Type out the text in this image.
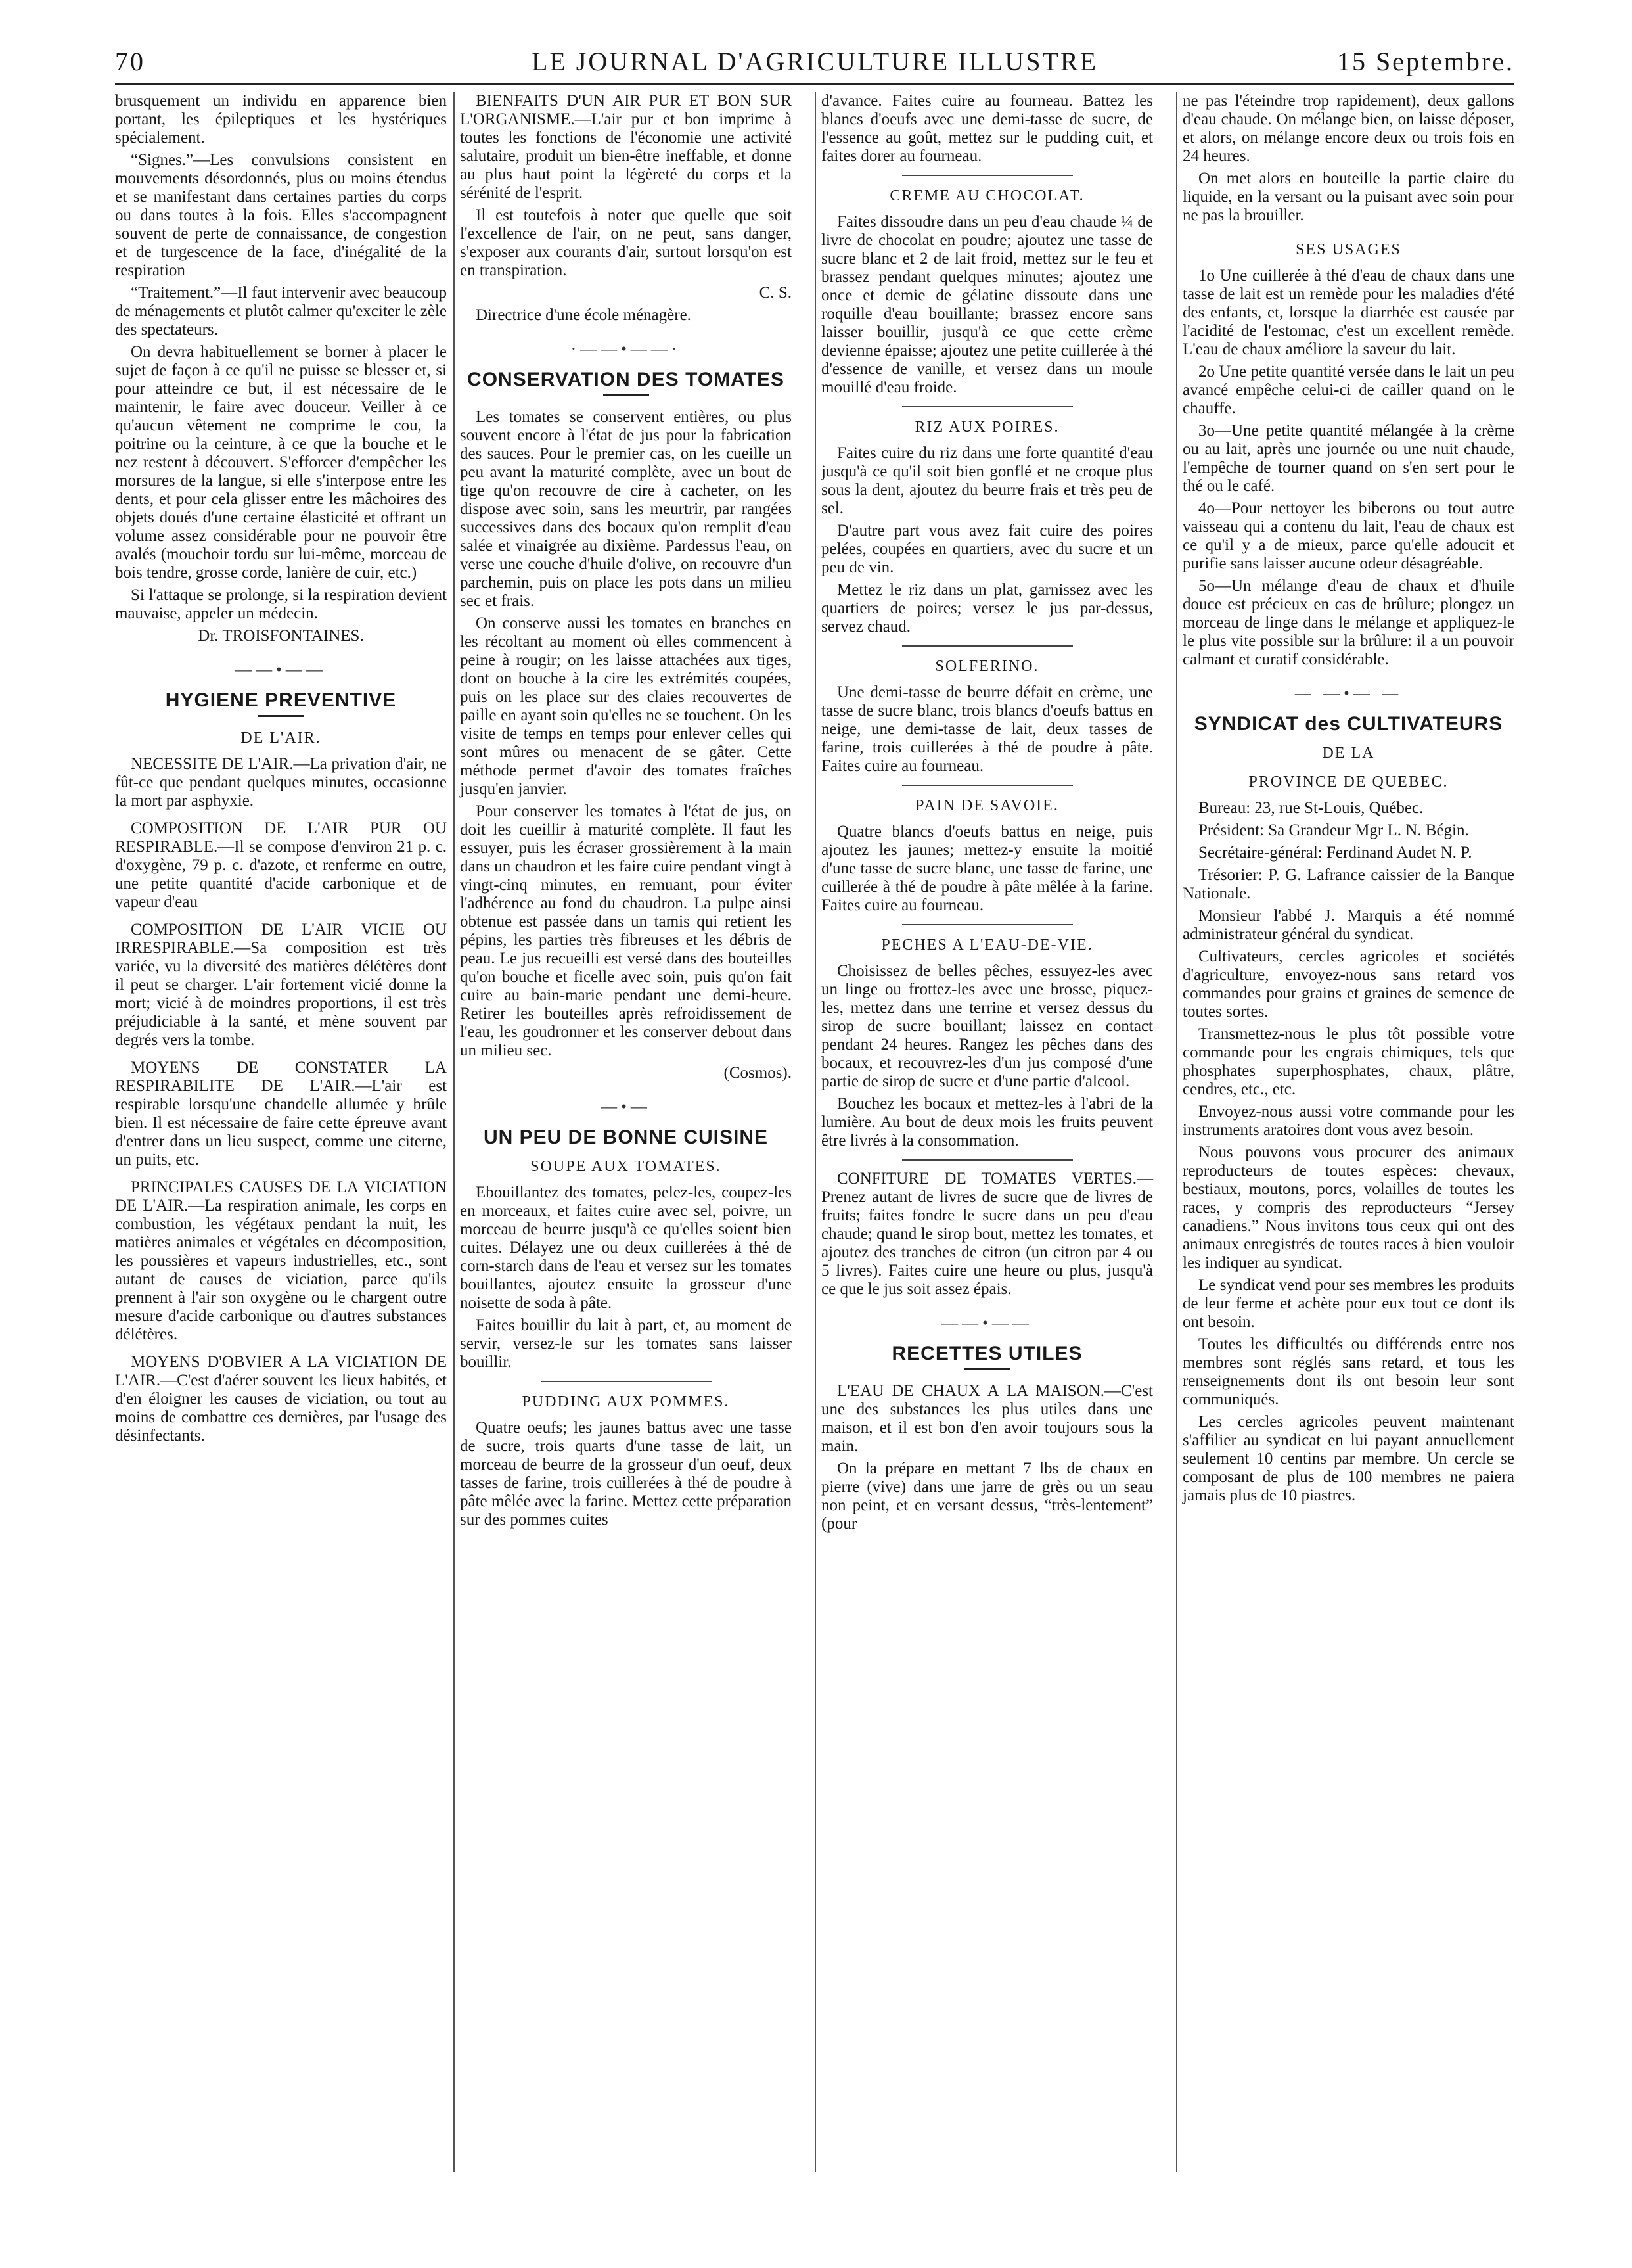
70	LE JOURNAL D'AGRICULTURE ILLUSTRE	15 Septembre.

brusquement un individu en apparence bien portant, les épileptiques et les hystériques spécialement.

“Signes.”—Les convulsions consistent en mouvements désordonnés, plus ou moins étendus et se manifestant dans certaines parties du corps ou dans toutes à la fois. Elles s'accompagnent souvent de perte de connaissance, de congestion et de turgescence de la face, d'inégalité de la respiration

“Traitement.”—Il faut intervenir avec beaucoup de ménagements et plutôt calmer qu'exciter le zèle des spectateurs.

On devra habituellement se borner à placer le sujet de façon à ce qu'il ne puisse se blesser et, si pour atteindre ce but, il est nécessaire de le maintenir, le faire avec douceur. Veiller à ce qu'aucun vêtement ne comprime le cou, la poitrine ou la ceinture, à ce que la bouche et le nez restent à découvert. S'efforcer d'empêcher les morsures de la langue, si elle s'interpose entre les dents, et pour cela glisser entre les mâchoires des objets doués d'une certaine élasticité et offrant un volume assez considérable pour ne pouvoir être avalés (mouchoir tordu sur lui-même, morceau de bois tendre, grosse corde, lanière de cuir, etc.)

Si l'attaque se prolonge, si la respiration devient mauvaise, appeler un médecin.

Dr. TROISFONTAINES.

——•——
HYGIENE PREVENTIVE
DE L'AIR.

NECESSITE DE L'AIR.—La privation d'air, ne fût-ce que pendant quelques minutes, occasionne la mort par asphyxie.

COMPOSITION DE L'AIR PUR OU RESPIRABLE.—Il se compose d'environ 21 p. c. d'oxygène, 79 p. c. d'azote, et renferme en outre, une petite quantité d'acide carbonique et de vapeur d'eau

COMPOSITION DE L'AIR VICIE OU IRRESPIRABLE.—Sa composition est très variée, vu la diversité des matières délétères dont il peut se charger. L'air fortement vicié donne la mort; vicié à de moindres proportions, il est très préjudiciable à la santé, et mène souvent par degrés vers la tombe.

MOYENS DE CONSTATER LA RESPIRABILITE DE L'AIR.—L'air est respirable lorsqu'une chandelle allumée y brûle bien. Il est nécessaire de faire cette épreuve avant d'entrer dans un lieu suspect, comme une citerne, un puits, etc.

PRINCIPALES CAUSES DE LA VICIATION DE L'AIR.—La respiration animale, les corps en combustion, les végétaux pendant la nuit, les matières animales et végétales en décomposition, les poussières et vapeurs industrielles, etc., sont autant de causes de viciation, parce qu'ils prennent à l'air son oxygène ou le chargent outre mesure d'acide carbonique ou d'autres substances délétères.

MOYENS D'OBVIER A LA VICIATION DE L'AIR.—C'est d'aérer souvent les lieux habités, et d'en éloigner les causes de viciation, ou tout au moins de combattre ces dernières, par l'usage des désinfectants.

BIENFAITS D'UN AIR PUR ET BON SUR L'ORGANISME.—L'air pur et bon imprime à toutes les fonctions de l'économie une activité salutaire, produit un bien-être ineffable, et donne au plus haut point la légèreté du corps et la sérénité de l'esprit.

Il est toutefois à noter que quelle que soit l'excellence de l'air, on ne peut, sans danger, s'exposer aux courants d'air, surtout lorsqu'on est en transpiration.

C. S.

Directrice d'une école ménagère.

·——•——·
CONSERVATION DES TOMATES

Les tomates se conservent entières, ou plus souvent encore à l'état de jus pour la fabrication des sauces. Pour le premier cas, on les cueille un peu avant la maturité complète, avec un bout de tige qu'on recouvre de cire à cacheter, on les dispose avec soin, sans les meurtrir, par rangées successives dans des bocaux qu'on remplit d'eau salée et vinaigrée au dixième. Pardessus l'eau, on verse une couche d'huile d'olive, on recouvre d'un parchemin, puis on place les pots dans un milieu sec et frais.

On conserve aussi les tomates en branches en les récoltant au moment où elles commencent à peine à rougir; on les laisse attachées aux tiges, dont on bouche à la cire les extrémités coupées, puis on les place sur des claies recouvertes de paille en ayant soin qu'elles ne se touchent. On les visite de temps en temps pour enlever celles qui sont mûres ou menacent de se gâter. Cette méthode permet d'avoir des tomates fraîches jusqu'en janvier.

Pour conserver les tomates à l'état de jus, on doit les cueillir à maturité complète. Il faut les essuyer, puis les écraser grossièrement à la main dans un chaudron et les faire cuire pendant vingt à vingt-cinq minutes, en remuant, pour éviter l'adhérence au fond du chaudron. La pulpe ainsi obtenue est passée dans un tamis qui retient les pépins, les parties très fibreuses et les débris de peau. Le jus recueilli est versé dans des bouteilles qu'on bouche et ficelle avec soin, puis qu'on fait cuire au bain-marie pendant une demi-heure. Retirer les bouteilles après refroidissement de l'eau, les goudronner et les conserver debout dans un milieu sec.

(Cosmos).

—•—
UN PEU DE BONNE CUISINE
SOUPE AUX TOMATES.

Ebouillantez des tomates, pelez-les, coupez-les en morceaux, et faites cuire avec sel, poivre, un morceau de beurre jusqu'à ce qu'elles soient bien cuites. Délayez une ou deux cuillerées à thé de corn-starch dans de l'eau et versez sur les tomates bouillantes, ajoutez ensuite la grosseur d'une noisette de soda à pâte.

Faites bouillir du lait à part, et, au moment de servir, versez-le sur les tomates sans laisser bouillir.

PUDDING AUX POMMES.

Quatre oeufs; les jaunes battus avec une tasse de sucre, trois quarts d'une tasse de lait, un morceau de beurre de la grosseur d'un oeuf, deux tasses de farine, trois cuillerées à thé de poudre à pâte mêlée avec la farine. Mettez cette préparation sur des pommes cuites

d'avance. Faites cuire au fourneau. Battez les blancs d'oeufs avec une demi-tasse de sucre, de l'essence au goût, mettez sur le pudding cuit, et faites dorer au fourneau.

CREME AU CHOCOLAT.

Faites dissoudre dans un peu d'eau chaude ¼ de livre de chocolat en poudre; ajoutez une tasse de sucre blanc et 2 de lait froid, mettez sur le feu et brassez pendant quelques minutes; ajoutez une once et demie de gélatine dissoute dans une roquille d'eau bouillante; brassez encore sans laisser bouillir, jusqu'à ce que cette crème devienne épaisse; ajoutez une petite cuillerée à thé d'essence de vanille, et versez dans un moule mouillé d'eau froide.

RIZ AUX POIRES.

Faites cuire du riz dans une forte quantité d'eau jusqu'à ce qu'il soit bien gonflé et ne croque plus sous la dent, ajoutez du beurre frais et très peu de sel.

D'autre part vous avez fait cuire des poires pelées, coupées en quartiers, avec du sucre et un peu de vin.

Mettez le riz dans un plat, garnissez avec les quartiers de poires; versez le jus par-dessus, servez chaud.

SOLFERINO.

Une demi-tasse de beurre défait en crème, une tasse de sucre blanc, trois blancs d'oeufs battus en neige, une demi-tasse de lait, deux tasses de farine, trois cuillerées à thé de poudre à pâte. Faites cuire au fourneau.

PAIN DE SAVOIE.

Quatre blancs d'oeufs battus en neige, puis ajoutez les jaunes; mettez-y ensuite la moitié d'une tasse de sucre blanc, une tasse de farine, une cuillerée à thé de poudre à pâte mêlée à la farine. Faites cuire au fourneau.

PECHES A L'EAU-DE-VIE.

Choisissez de belles pêches, essuyez-les avec un linge ou frottez-les avec une brosse, piquez-les, mettez dans une terrine et versez dessus du sirop de sucre bouillant; laissez en contact pendant 24 heures. Rangez les pêches dans des bocaux, et recouvrez-les d'un jus composé d'une partie de sirop de sucre et d'une partie d'alcool.

Bouchez les bocaux et mettez-les à l'abri de la lumière. Au bout de deux mois les fruits peuvent être livrés à la consommation.

CONFITURE DE TOMATES VERTES.—Prenez autant de livres de sucre que de livres de fruits; faites fondre le sucre dans un peu d'eau chaude; quand le sirop bout, mettez les tomates, et ajoutez des tranches de citron (un citron par 4 ou 5 livres). Faites cuire une heure ou plus, jusqu'à ce que le jus soit assez épais.

——•——
RECETTES UTILES

L'EAU DE CHAUX A LA MAISON.—C'est une des substances les plus utiles dans une maison, et il est bon d'en avoir toujours sous la main.

On la prépare en mettant 7 lbs de chaux en pierre (vive) dans une jarre de grès ou un seau non peint, et en versant dessus, “très-lentement” (pour

ne pas l'éteindre trop rapidement), deux gallons d'eau chaude. On mélange bien, on laisse déposer, et alors, on mélange encore deux ou trois fois en 24 heures.

On met alors en bouteille la partie claire du liquide, en la versant ou la puisant avec soin pour ne pas la brouiller.

SES USAGES

1o Une cuillerée à thé d'eau de chaux dans une tasse de lait est un remède pour les maladies d'été des enfants, et, lorsque la diarrhée est causée par l'acidité de l'estomac, c'est un excellent remède. L'eau de chaux améliore la saveur du lait.

2o Une petite quantité versée dans le lait un peu avancé empêche celui-ci de cailler quand on le chauffe.

3o—Une petite quantité mélangée à la crème ou au lait, après une journée ou une nuit chaude, l'empêche de tourner quand on s'en sert pour le thé ou le café.

4o—Pour nettoyer les biberons ou tout autre vaisseau qui a contenu du lait, l'eau de chaux est ce qu'il y a de mieux, parce qu'elle adoucit et purifie sans laisser aucune odeur désagréable.

5o—Un mélange d'eau de chaux et d'huile douce est précieux en cas de brûlure; plongez un morceau de linge dans le mélange et appliquez-le le plus vite possible sur la brûlure: il a un pouvoir calmant et curatif considérable.

— —•— —
SYNDICAT des CULTIVATEURS
DE LA
PROVINCE DE QUEBEC.

Bureau: 23, rue St-Louis, Québec.

Président: Sa Grandeur Mgr L. N. Bégin.

Secrétaire-général: Ferdinand Audet N. P.

Trésorier: P. G. Lafrance caissier de la Banque Nationale.

Monsieur l'abbé J. Marquis a été nommé administrateur général du syndicat.

Cultivateurs, cercles agricoles et sociétés d'agriculture, envoyez-nous sans retard vos commandes pour grains et graines de semence de toutes sortes.

Transmettez-nous le plus tôt possible votre commande pour les engrais chimiques, tels que phosphates superphosphates, chaux, plâtre, cendres, etc., etc.

Envoyez-nous aussi votre commande pour les instruments aratoires dont vous avez besoin.

Nous pouvons vous procurer des animaux reproducteurs de toutes espèces: chevaux, bestiaux, moutons, porcs, volailles de toutes les races, y compris des reproducteurs “Jersey canadiens.” Nous invitons tous ceux qui ont des animaux enregistrés de toutes races à bien vouloir les indiquer au syndicat.

Le syndicat vend pour ses membres les produits de leur ferme et achète pour eux tout ce dont ils ont besoin.

Toutes les difficultés ou différends entre nos membres sont réglés sans retard, et tous les renseignements dont ils ont besoin leur sont communiqués.

Les cercles agricoles peuvent maintenant s'affilier au syndicat en lui payant annuellement seulement 10 centins par membre. Un cercle se composant de plus de 100 membres ne paiera jamais plus de 10 piastres.
